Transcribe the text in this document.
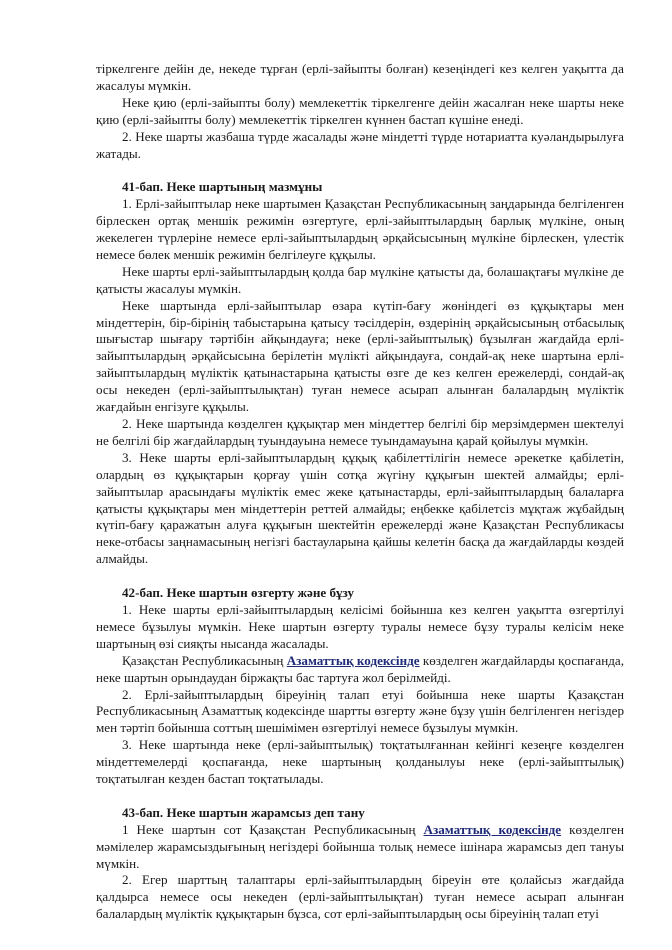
тіркелгенге дейін де, некеде тұрған (ерлі-зайыпты болған) кезеңіндегі кез келген уақытта да жасалуы мүмкін.

Неке қию (ерлі-зайыпты болу) мемлекеттік тіркелгенге дейін жасалған неке шарты неке қию (ерлі-зайыпты болу) мемлекеттік тіркелген күннен бастап күшіне енеді.

2. Неке шарты жазбаша түрде жасалады және міндетті түрде нотариатта куәландырылуға жатады.

41-бап. Неке шартының мазмұны

1. Ерлі-зайыптылар неке шартымен Қазақстан Республикасының заңдарында белгіленген бірлескен ортақ меншік режимін өзгертуге, ерлі-зайыптылардың барлық мүлкіне, оның жекелеген түрлеріне немесе ерлі-зайыптылардың әрқайсысының мүлкіне бірлескен, үлестік немесе бөлек меншік режимін белгілеуге құқылы.

Неке шарты ерлі-зайыптылардың қолда бар мүлкіне қатысты да, болашақтағы мүлкіне де қатысты жасалуы мүмкін.

Неке шартында ерлі-зайыптылар өзара күтіп-бағу жөніндегі өз құқықтары мен міндеттерін, бір-бірінің табыстарына қатысу тәсілдерін, өздерінің әрқайсысының отбасылық шығыстар шығару тәртібін айқындауға; неке (ерлі-зайыптылық) бұзылған жағдайда ерлі-зайыптылардың әрқайсысына берілетін мүлікті айқындауға, сондай-ақ неке шартына ерлі-зайыптылардың мүліктік қатынастарына қатысты өзге де кез келген ережелерді, сондай-ақ осы некеден (ерлі-зайыптылықтан) туған немесе асырап алынған балалардың мүліктік жағдайын енгізуге құқылы.

2. Неке шартында көзделген құқықтар мен міндеттер белгілі бір мерзімдермен шектелуі не белгілі бір жағдайлардың туындауына немесе туындамауына қарай қойылуы мүмкін.

3. Неке шарты ерлі-зайыптылардың құқық қабілеттілігін немесе әрекетке қабілетін, олардың өз құқықтарын қорғау үшін сотқа жүгіну құқығын шектей алмайды; ерлі-зайыптылар арасындағы мүліктік емес жеке қатынастарды, ерлі-зайыптылардың балаларға қатысты құқықтары мен міндеттерін реттей алмайды; еңбекке қабілетсіз мұқтаж жұбайдың күтіп-бағу қаражатын алуға құқығын шектейтін ережелерді және Қазақстан Республикасы неке-отбасы заңнамасының негізгі бастауларына қайшы келетін басқа да жағдайларды көздей алмайды.

42-бап. Неке шартын өзгерту және бұзу

1. Неке шарты ерлі-зайыптылардың келісімі бойынша кез келген уақытта өзгертілуі немесе бұзылуы мүмкін. Неке шартын өзгерту туралы немесе бұзу туралы келісім неке шартының өзі сияқты нысанда жасалады.

Қазақстан Республикасының Азаматтық кодексінде көзделген жағдайларды қоспағанда, неке шартын орындаудан біржақты бас тартуға жол берілмейді.

2. Ерлі-зайыптылардың біреуінің талап етуі бойынша неке шарты Қазақстан Республикасының Азаматтық кодексінде шартты өзгерту және бұзу үшін белгіленген негіздер мен тәртіп бойынша соттың шешімімен өзгертілуі немесе бұзылуы мүмкін.

3. Неке шартында неке (ерлі-зайыптылық) тоқтатылғаннан кейінгі кезеңге көзделген міндеттемелерді қоспағанда, неке шартының қолданылуы неке (ерлі-зайыптылық) тоқтатылған кезден бастап тоқтатылады.

43-бап. Неке шартын жарамсыз деп тану

1 Неке шартын сот Қазақстан Республикасының Азаматтық кодексінде көзделген мәмілелер жарамсыздығының негіздері бойынша толық немесе ішінара жарамсыз деп тануы мүмкін.

2. Егер шарттың талаптары ерлі-зайыптылардың біреуін өте қолайсыз жағдайда қалдырса немесе осы некеден (ерлі-зайыптылықтан) туған немесе асырап алынған балалардың мүліктік құқықтарын бұзса, сот ерлі-зайыптылардың осы біреуінің талап етуі
